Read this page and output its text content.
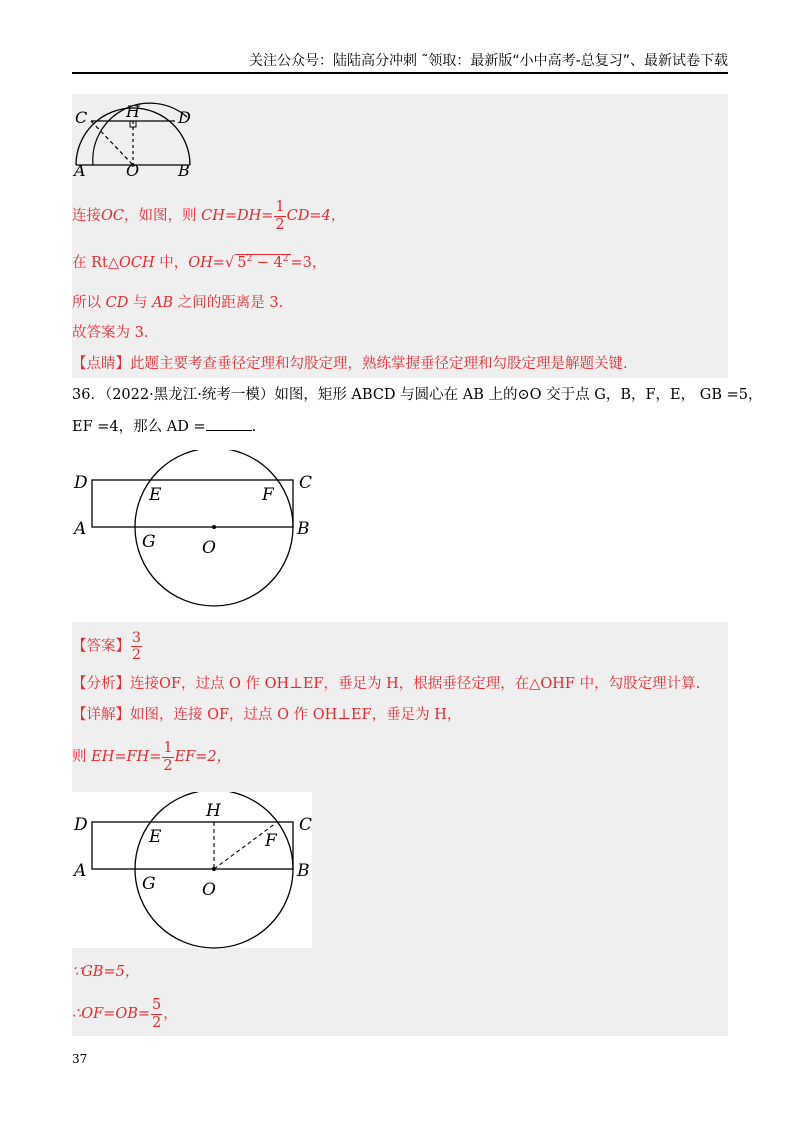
关注公众号：陆陆高分冲刺 ˜领取：最新版“小中高考-总复习”、最新试卷下载
C H D
A	O B
连接OC，如图，则 $CH=DH= \frac{1}{2} CD=4$，
在 Rt△OCH 中，OH=√ $5^2 - 4^2 =3$，
所以 CD 与 AB 之间的距离是 3.
故答案为 3.
【点睛】此题主要考查垂径定理和勾股定理，熟练掌握垂径定理和勾股定理是解题关键.
36．（2022·黑龙江·统考一模）如图，矩形 ABCD 与圆心在 AB 上的⊙O 交于点 G，B，F，E， GB =5，
EF =4，那么 AD =	.
D
E	F
C
A	B
G	O
【答案】 $\frac{3}{2}$
【分析】连接OF，过点 O 作 OH⊥EF，垂足为 H，根据垂径定理，在△OHF 中，勾股定理计算.
【详解】如图，连接 OF，过点 O 作 OH⊥EF，垂足为 H，
则 $EH=FH= \frac{1}{2} EF=2$，
D
H
E	F
C
A	B
G	O
∵GB=5，
∴OF=OB= $\frac{5}{2}$ ，
37
